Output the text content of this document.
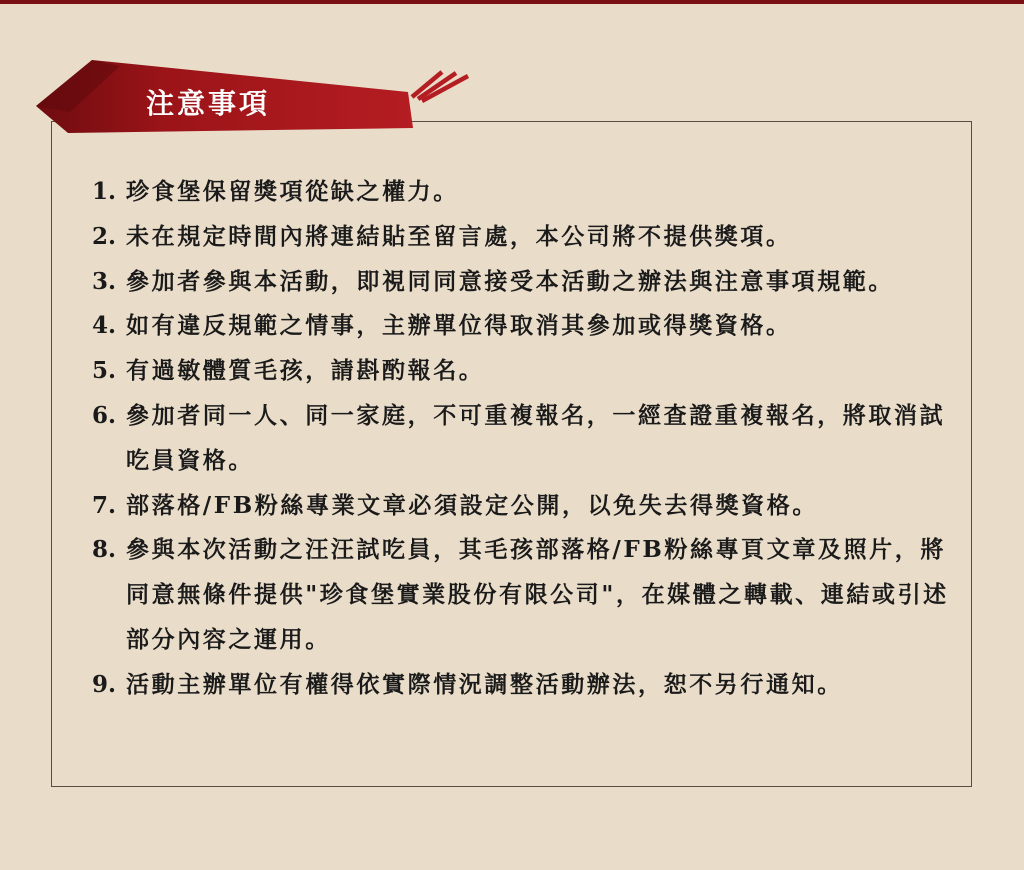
注意事項
1. 珍食堡保留獎項從缺之權力。
2. 未在規定時間內將連結貼至留言處，本公司將不提供獎項。
3. 參加者參與本活動，即視同同意接受本活動之辦法與注意事項規範。
4. 如有違反規範之情事，主辦單位得取消其參加或得獎資格。
5. 有過敏體質毛孩，請斟酌報名。
6. 參加者同一人、同一家庭，不可重複報名，一經查證重複報名，將取消試吃員資格。
7. 部落格/FB粉絲專業文章必須設定公開，以免失去得獎資格。
8. 參與本次活動之汪汪試吃員，其毛孩部落格/FB粉絲專頁文章及照片，將同意無條件提供"珍食堡實業股份有限公司"，在媒體之轉載、連結或引述部分內容之運用。
9. 活動主辦單位有權得依實際情況調整活動辦法，恕不另行通知。
